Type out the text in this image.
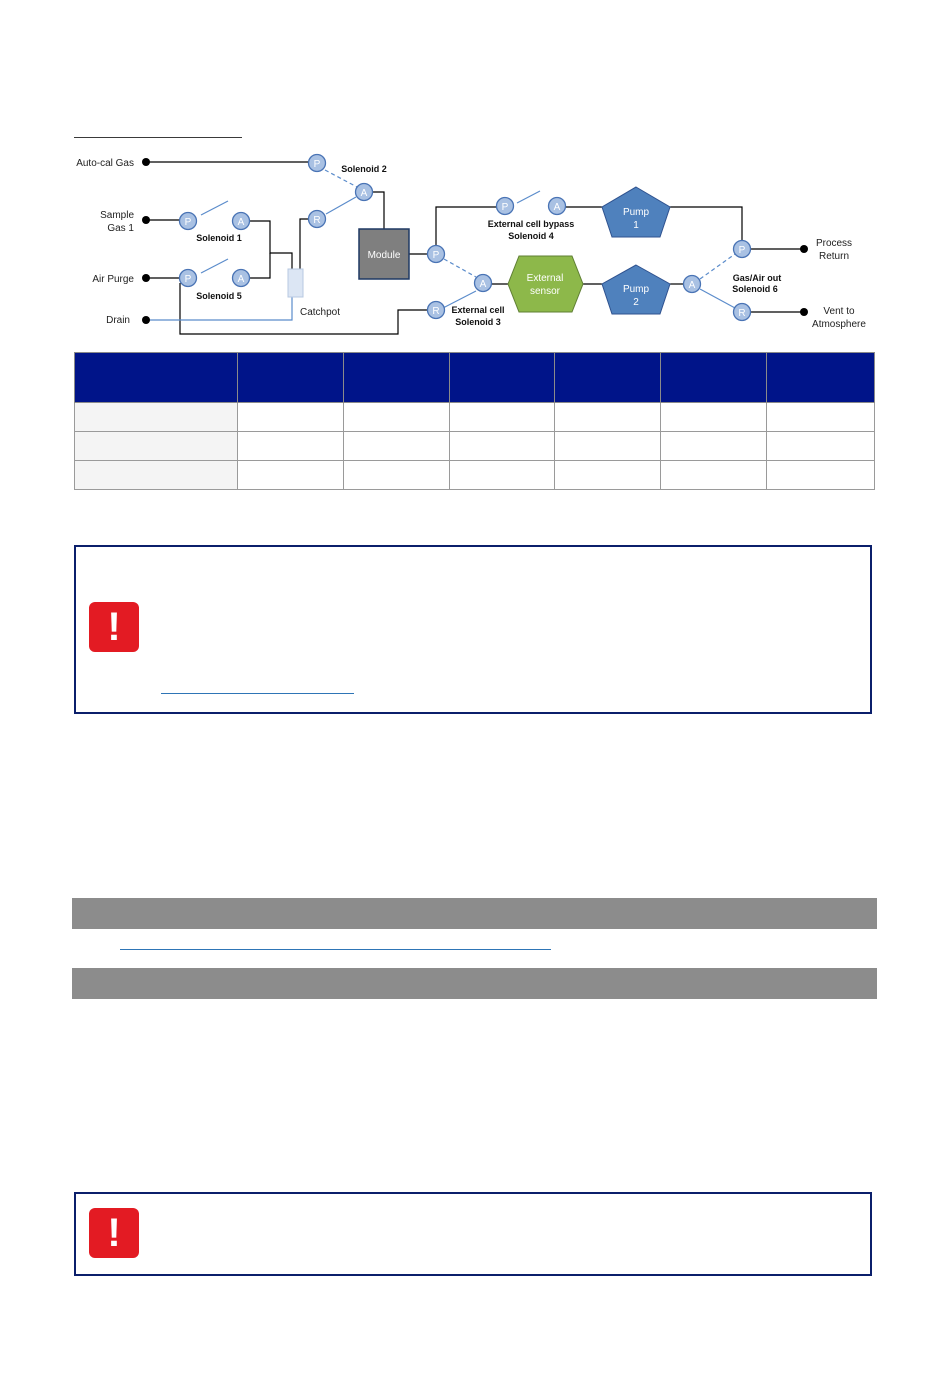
P
A
R
P	A
P	A
P
P	A
A
R
P
A
R
Module
External
sensor
Pump
1
Pump
2
Auto-cal Gas
Sample
Gas 1
Air Purge
Drain
Catchpot
Process
Return
Vent to
Atmosphere
Solenoid 2
Solenoid 1
Solenoid 5
External cell bypass
Solenoid 4
External cell
Solenoid 3
Gas/Air out
Solenoid 6

!
!
